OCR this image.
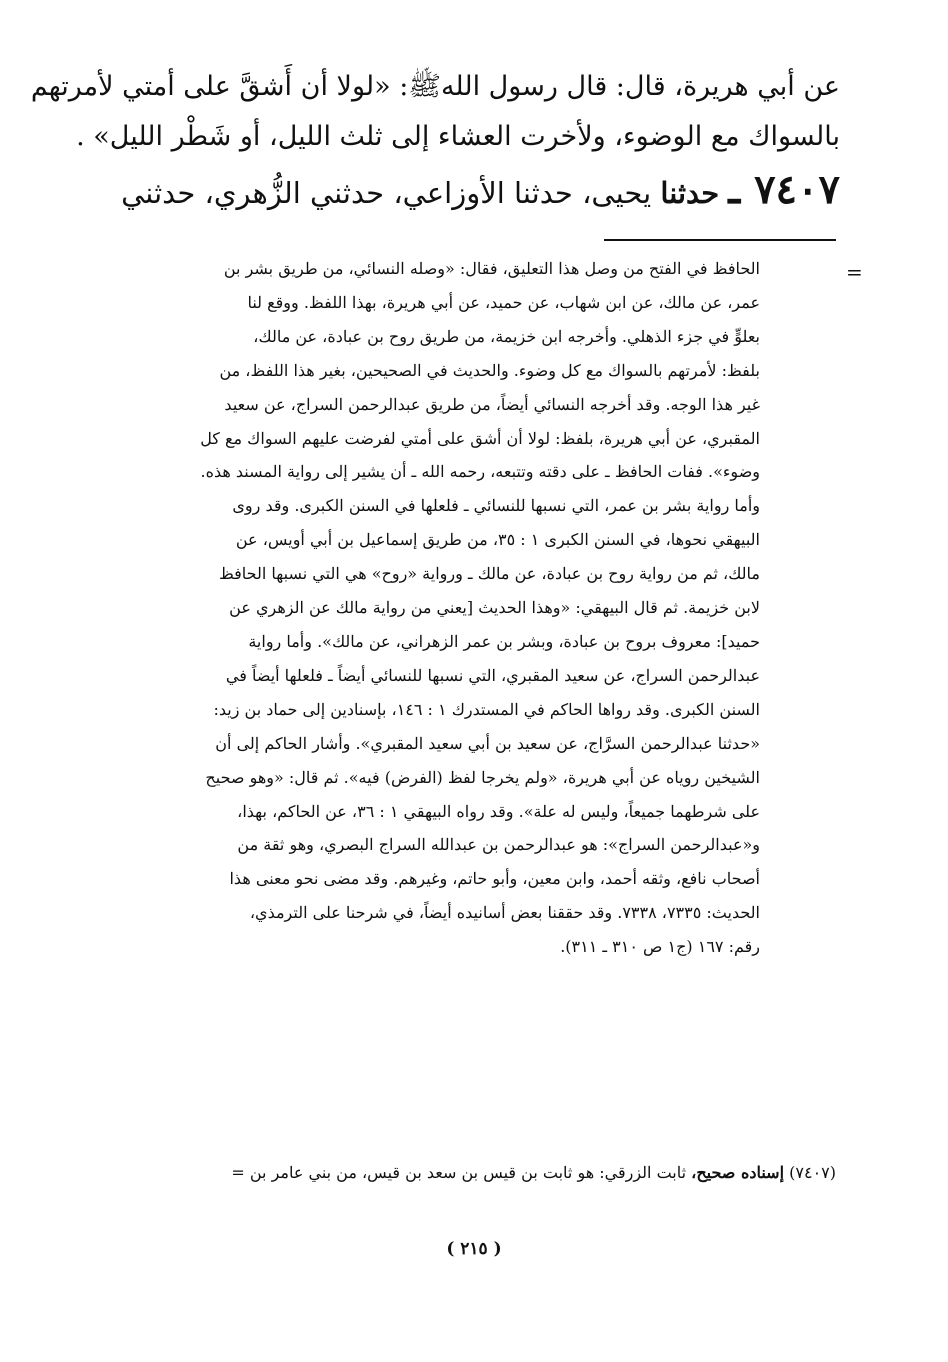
عن أبي هريرة، قال: قال رسول اللهﷺ: «لولا أن أَشقَّ على أمتي لأمرتهم

بالسواك مع الوضوء، ولأخرت العشاء إلى ثلث الليل، أو شَطْر الليل» .

٧٤٠٧ ـ حدثنا يحيى، حدثنا الأوزاعي، حدثني الزُّهري، حدثني

=

الحافظ في الفتح من وصل هذا التعليق، فقال: «وصله النسائي، من طريق بشر بن

عمر، عن مالك، عن ابن شهاب، عن حميد، عن أبي هريرة، بهذا اللفظ. ووقع لنا

بعلوٍّ في جزء الذهلي. وأخرجه ابن خزيمة، من طريق روح بن عبادة، عن مالك،

بلفظ: لأمرتهم بالسواك مع كل وضوء. والحديث في الصحيحين، بغير هذا اللفظ، من

غير هذا الوجه. وقد أخرجه النسائي أيضاً، من طريق عبدالرحمن السراج، عن سعيد

المقبري، عن أبي هريرة، بلفظ: لولا أن أشق على أمتي لفرضت عليهم السواك مع كل

وضوء». ففات الحافظ ـ على دقته وتتبعه، رحمه الله ـ أن يشير إلى رواية المسند هذه.

وأما رواية بشر بن عمر، التي نسبها للنسائي ـ فلعلها في السنن الكبرى. وقد روى

البيهقي نحوها، في السنن الكبرى ١ : ٣٥، من طريق إسماعيل بن أبي أويس، عن

مالك، ثم من رواية روح بن عبادة، عن مالك ـ ورواية «روح» هي التي نسبها الحافظ

لابن خزيمة. ثم قال البيهقي: «وهذا الحديث [يعني من رواية مالك عن الزهري عن

حميد]: معروف بروح بن عبادة، وبشر بن عمر الزهراني، عن مالك». وأما رواية

عبدالرحمن السراج، عن سعيد المقبري، التي نسبها للنسائي أيضاً ـ فلعلها أيضاً في

السنن الكبرى. وقد رواها الحاكم في المستدرك ١ : ١٤٦، بإسنادين إلى حماد بن زيد:

«حدثنا عبدالرحمن السرَّاج، عن سعيد بن أبي سعيد المقبري». وأشار الحاكم إلى أن

الشيخين روياه عن أبي هريرة، «ولم يخرجا لفظ (الفرض) فيه». ثم قال: «وهو صحيح

على شرطهما جميعاً، وليس له علة». وقد رواه البيهقي ١ : ٣٦، عن الحاكم، بهذا،

و«عبدالرحمن السراج»: هو عبدالرحمن بن عبدالله السراج البصري، وهو ثقة من

أصحاب نافع، وثقه أحمد، وابن معين، وأبو حاتم، وغيرهم. وقد مضى نحو معنى هذا

الحديث: ٧٣٣٥، ٧٣٣٨. وقد حققنا بعض أسانيده أيضاً، في شرحنا على الترمذي،

رقم: ١٦٧ (ج١ ص ٣١٠ ـ ٣١١).

(٧٤٠٧) إسناده صحيح، ثابت الزرقي: هو ثابت بن قيس بن سعد بن قيس، من بني عامر بن =

( ٢١٥ )
